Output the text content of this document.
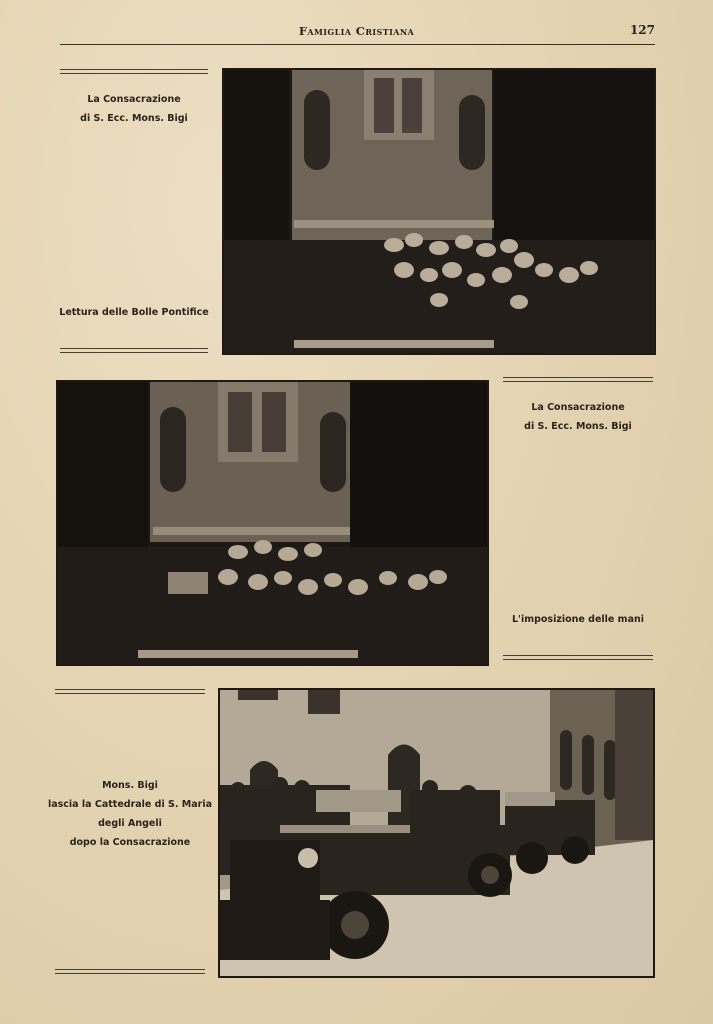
Famiglia Cristiana	127
La Consacrazione
di S. Ecc. Mons. Bigi
Lettura delle Bolle Pontifice
La Consacrazione
di S. Ecc. Mons. Bigi
L'imposizione delle mani
Mons. Bigi
lascia la Cattedrale di S. Maria
degli Angeli
dopo la Consacrazione
